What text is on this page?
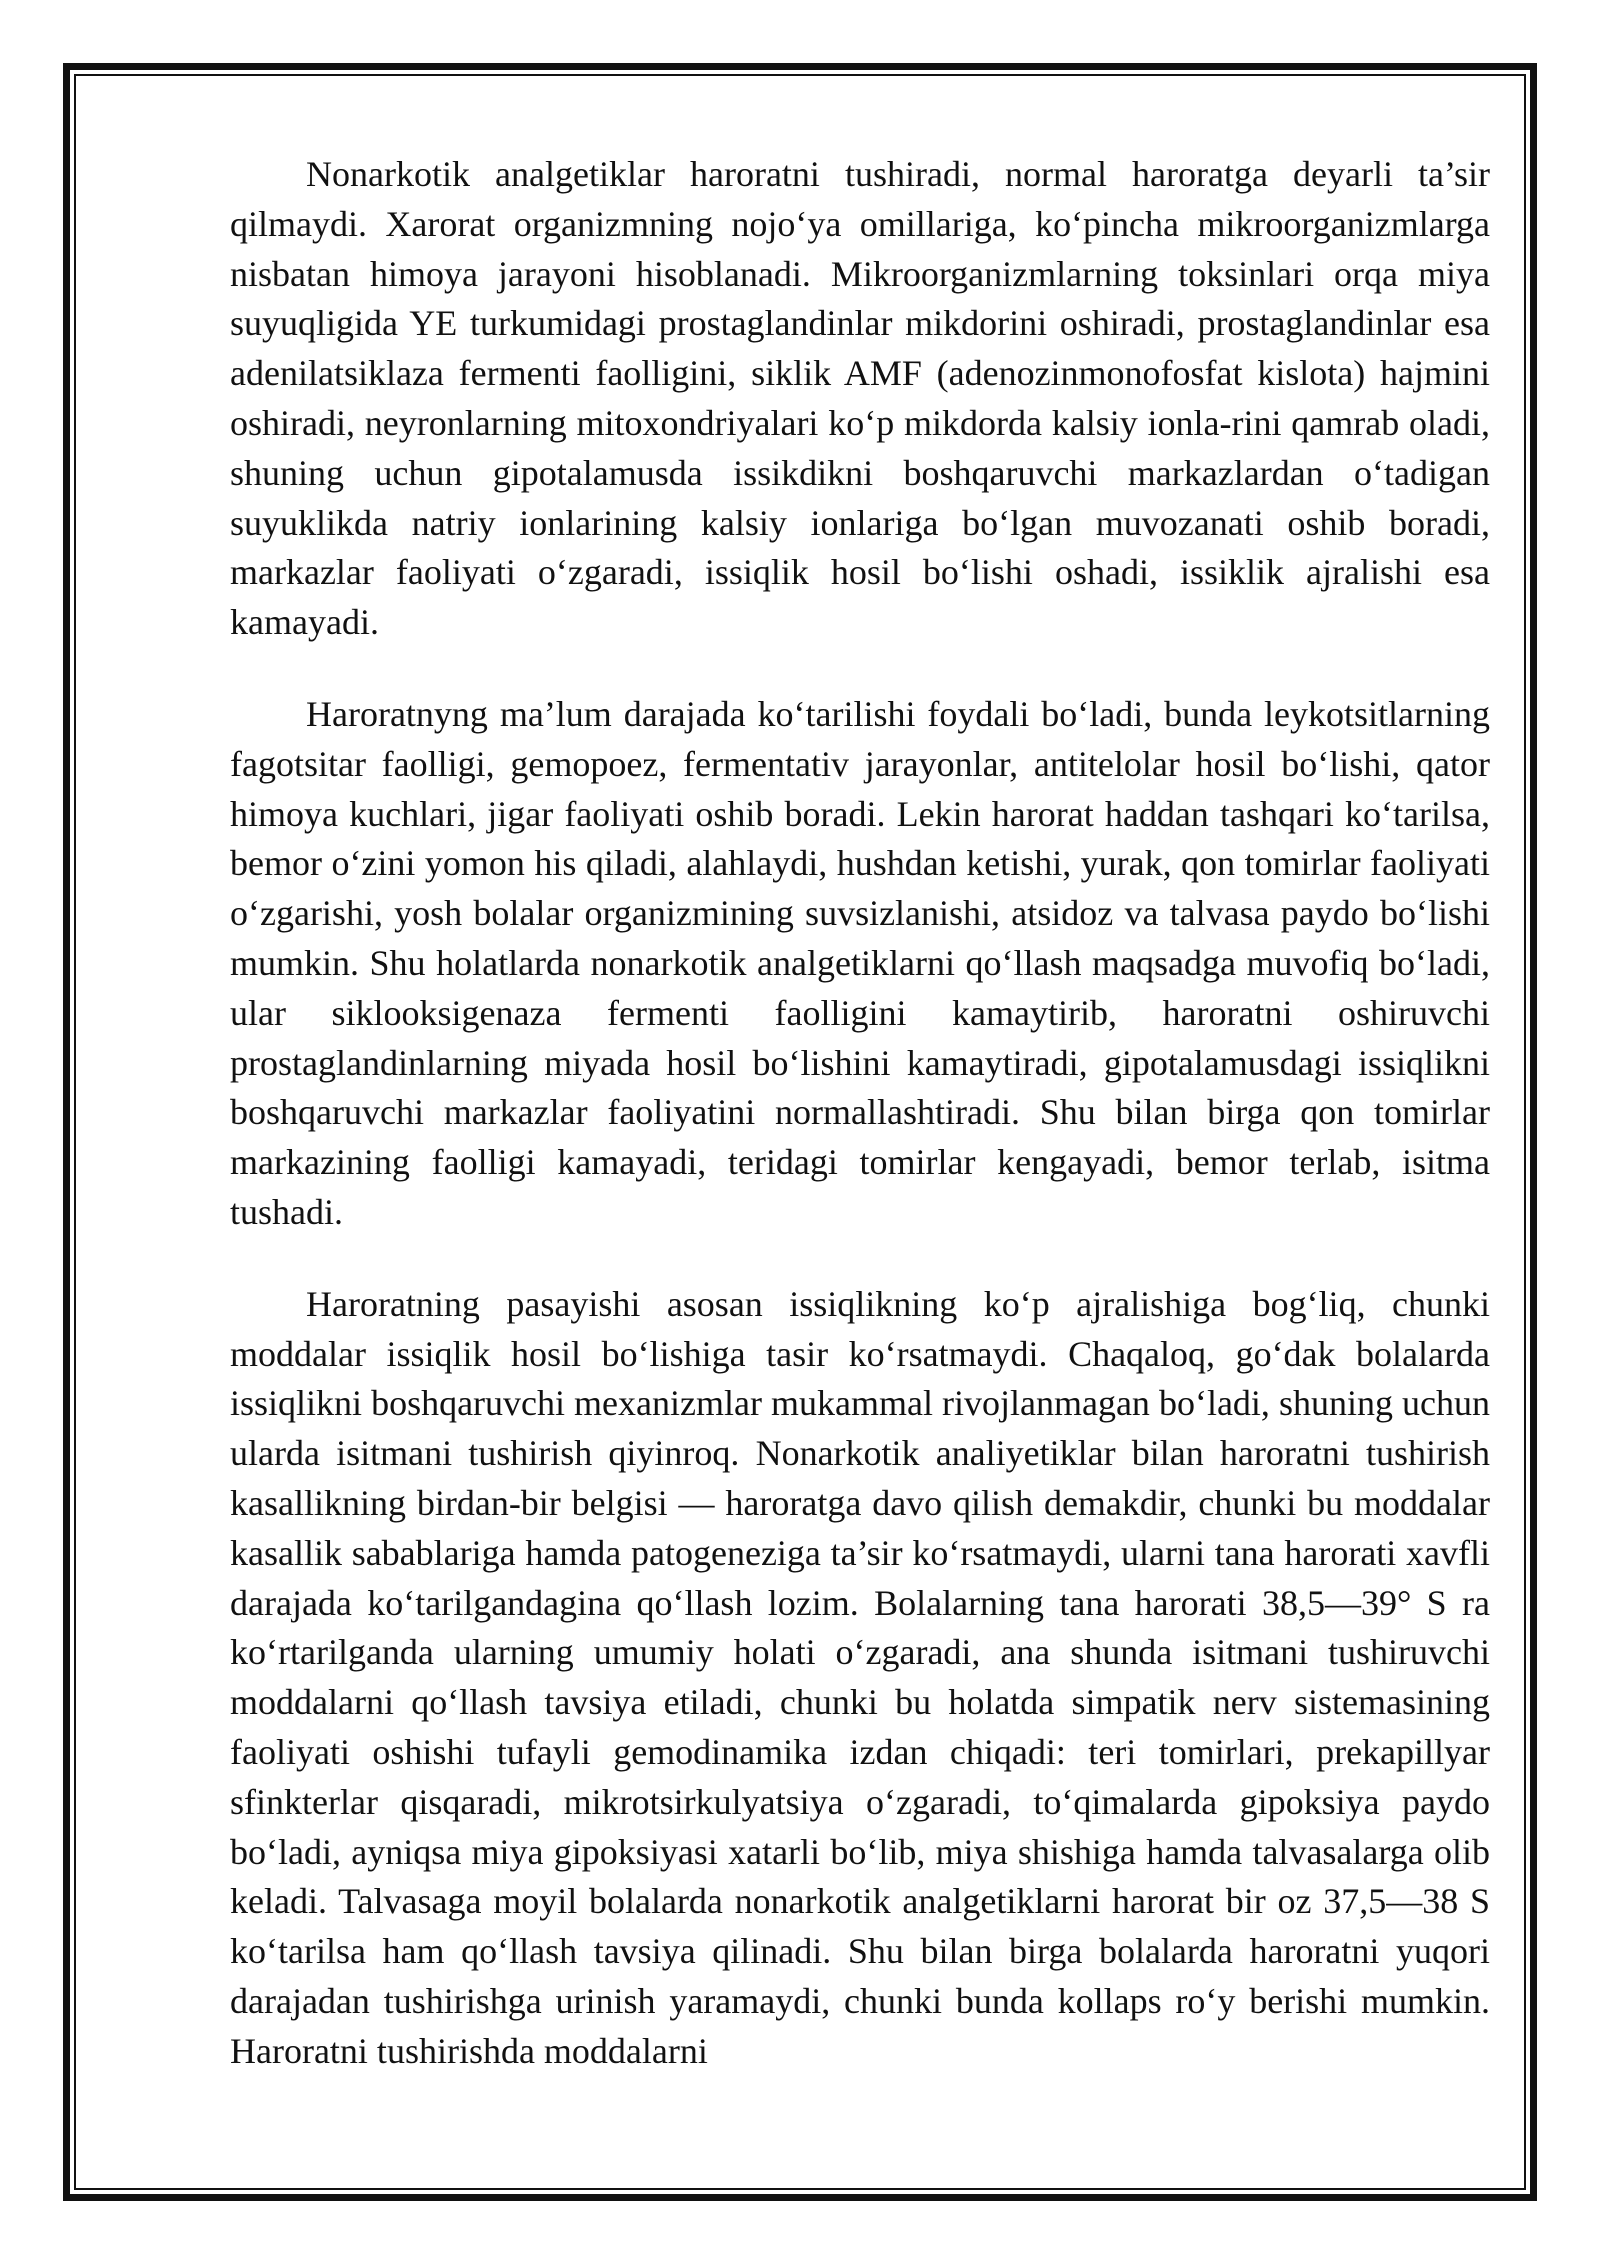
Nonarkotik analgetiklar haroratni tushiradi, normal haroratga deyarli ta’sir qilmaydi. Xarorat organizmning nojo‘ya omillariga, ko‘pincha mikroorganizmlarga nisbatan himoya jarayoni hisoblanadi. Mikroorganizmlarning toksinlari orqa miya suyuqligida YE turkumidagi prostaglandinlar mikdorini oshiradi, prostaglandinlar esa adenilatsiklaza fermenti faolligini, siklik AMF (adenozinmonofosfat kislota) hajmini oshiradi, neyronlarning mitoxondriyalari ko‘p mikdorda kalsiy ionla-rini qamrab oladi, shuning uchun gipotalamusda issikdikni boshqaruvchi markazlardan o‘tadigan suyuklikda natriy ionlarining kalsiy ionlariga bo‘lgan muvozanati oshib boradi, markazlar faoliyati o‘zgaradi, issiqlik hosil bo‘lishi oshadi, issiklik ajralishi esa kamayadi.

Haroratnyng ma’lum darajada ko‘tarilishi foydali bo‘ladi, bunda leykotsitlarning fagotsitar faolligi, gemopoez, fermentativ jarayonlar, antitelolar hosil bo‘lishi, qator himoya kuchlari, jigar faoliyati oshib boradi. Lekin harorat haddan tashqari ko‘tarilsa, bemor o‘zini yomon his qiladi, alahlaydi, hushdan ketishi, yurak, qon tomirlar faoliyati o‘zgarishi, yosh bolalar organizmining suvsizlanishi, atsidoz va talvasa paydo bo‘lishi mumkin. Shu holatlarda nonarkotik analgetiklarni qo‘llash maqsadga muvofiq bo‘ladi, ular siklooksigenaza fermenti faolligini kamaytirib, haroratni oshiruvchi prostaglandinlarning miyada hosil bo‘lishini kamaytiradi, gipotalamusdagi issiqlikni boshqaruvchi markazlar faoliyatini normallashtiradi. Shu bilan birga qon tomirlar markazining faolligi kamayadi, teridagi tomirlar kengayadi, bemor terlab, isitma tushadi.

Haroratning pasayishi asosan issiqlikning ko‘p ajralishiga bog‘liq, chunki moddalar issiqlik hosil bo‘lishiga tasir ko‘rsatmaydi. Chaqaloq, go‘dak bolalarda issiqlikni boshqaruvchi mexanizmlar mukammal rivojlanmagan bo‘ladi, shuning uchun ularda isitmani tushirish qiyinroq. Nonarkotik analiyetiklar bilan haroratni tushirish kasallikning birdan-bir belgisi — haroratga davo qilish demakdir, chunki bu moddalar kasallik sabablariga hamda patogeneziga ta’sir ko‘rsatmaydi, ularni tana harorati xavfli darajada ko‘tarilgandagina qo‘llash lozim. Bolalarning tana harorati 38,5—39° S ra ko‘rtarilganda ularning umumiy holati o‘zgaradi, ana shunda isitmani tushiruvchi moddalarni qo‘llash tavsiya etiladi, chunki bu holatda simpatik nerv sistemasining faoliyati oshishi tufayli gemodinamika izdan chiqadi: teri tomirlari, prekapillyar sfinkterlar qisqaradi, mikrotsirkulyatsiya o‘zgaradi, to‘qimalarda gipoksiya paydo bo‘ladi, ayniqsa miya gipoksiyasi xatarli bo‘lib, miya shishiga hamda talvasalarga olib keladi. Talvasaga moyil bolalarda nonarkotik analgetiklarni harorat bir oz 37,5—38 S ko‘tarilsa ham qo‘llash tavsiya qilinadi. Shu bilan birga bolalarda haroratni yuqori darajadan tushirishga urinish yaramaydi, chunki bunda kollaps ro‘y berishi mumkin. Haroratni tushirishda moddalarni
